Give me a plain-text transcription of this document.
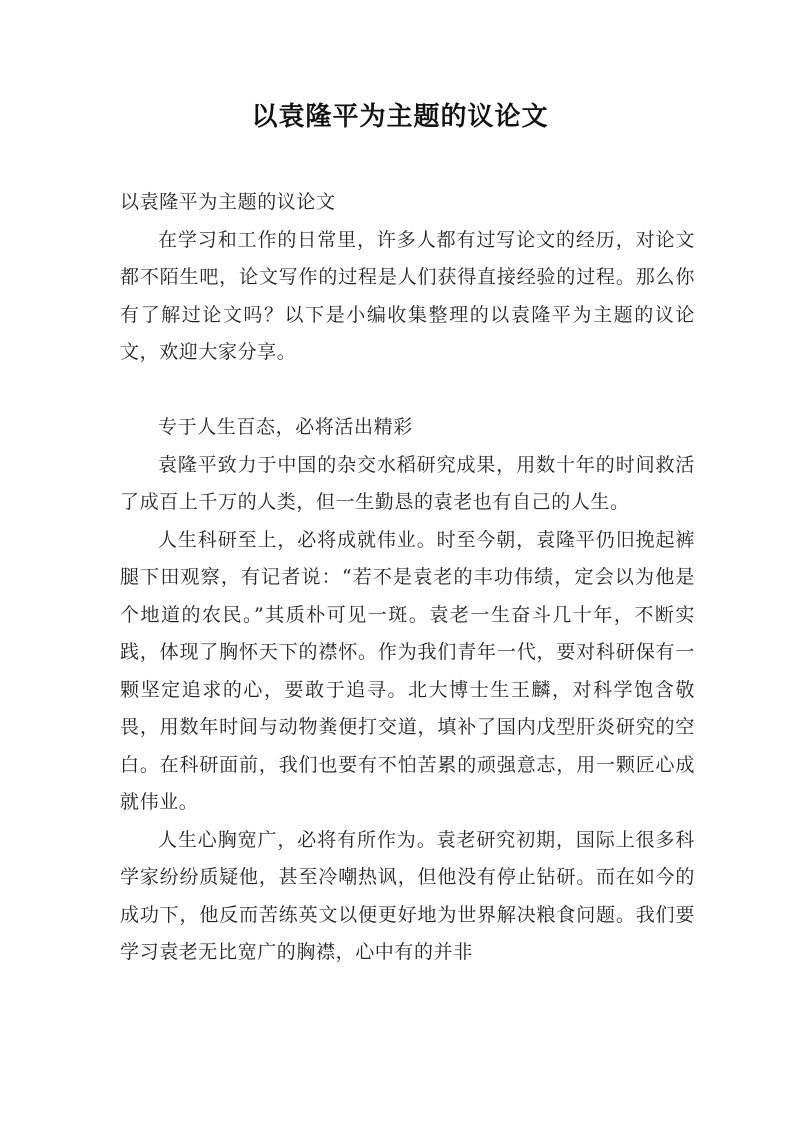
以袁隆平为主题的议论文

以袁隆平为主题的议论文

在学习和工作的日常里，许多人都有过写论文的经历，对论文都不陌生吧，论文写作的过程是人们获得直接经验的过程。那么你有了解过论文吗？以下是小编收集整理的以袁隆平为主题的议论文，欢迎大家分享。

专于人生百态，必将活出精彩

袁隆平致力于中国的杂交水稻研究成果，用数十年的时间救活了成百上千万的人类，但一生勤恳的袁老也有自己的人生。

人生科研至上，必将成就伟业。时至今朝，袁隆平仍旧挽起裤腿下田观察，有记者说：“若不是袁老的丰功伟绩，定会以为他是个地道的农民。”其质朴可见一斑。袁老一生奋斗几十年，不断实践，体现了胸怀天下的襟怀。作为我们青年一代，要对科研保有一颗坚定追求的心，要敢于追寻。北大博士生王麟，对科学饱含敬畏，用数年时间与动物粪便打交道，填补了国内戊型肝炎研究的空白。在科研面前，我们也要有不怕苦累的顽强意志，用一颗匠心成就伟业。

人生心胸宽广，必将有所作为。袁老研究初期，国际上很多科学家纷纷质疑他，甚至冷嘲热讽，但他没有停止钻研。而在如今的成功下，他反而苦练英文以便更好地为世界解决粮食问题。我们要学习袁老无比宽广的胸襟，心中有的并非
